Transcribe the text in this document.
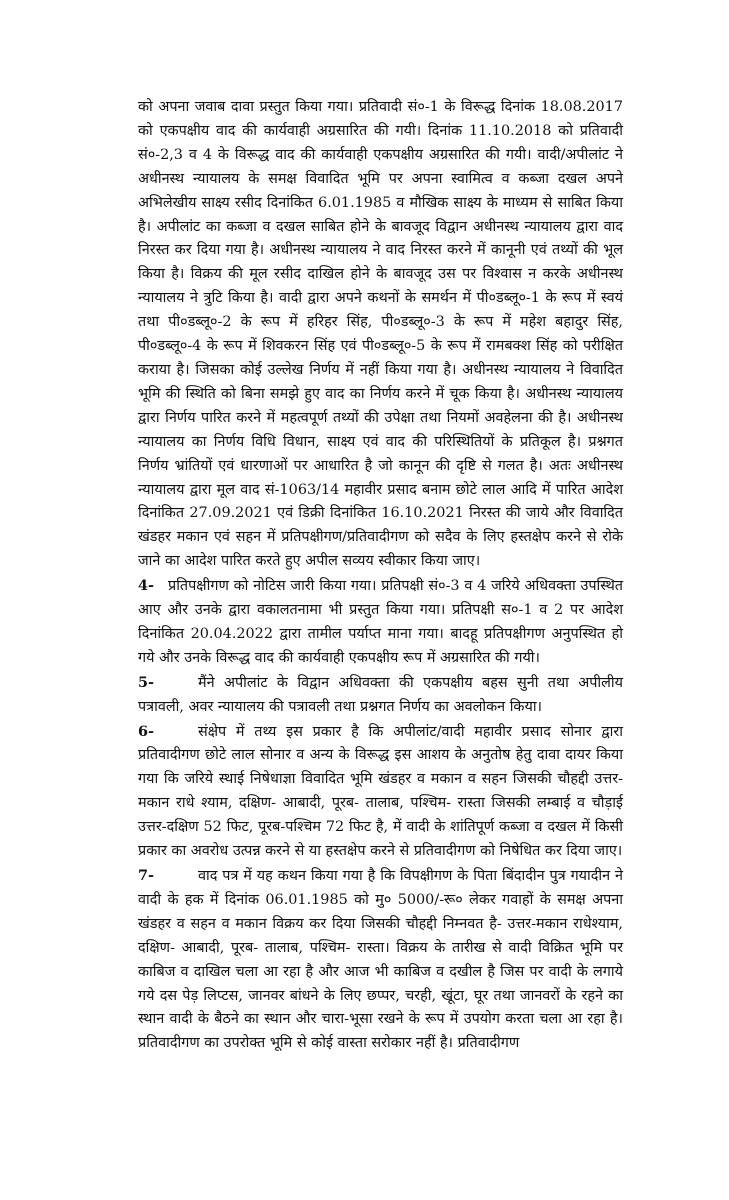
को अपना जवाब दावा प्रस्तुत किया गया। प्रतिवादी सं०-1 के विरूद्ध दिनांक 18.08.2017 को एकपक्षीय वाद की कार्यवाही अग्रसारित की गयी। दिनांक 11.10.2018 को प्रतिवादी सं०-2,3 व 4 के विरूद्ध वाद की कार्यवाही एकपक्षीय अग्रसारित की गयी। वादी/अपीलांट ने अधीनस्थ न्यायालय के समक्ष विवादित भूमि पर अपना स्वामित्व व कब्जा दखल अपने अभिलेखीय साक्ष्य रसीद दिनांकित 6.01.1985 व मौखिक साक्ष्य के माध्यम से साबित किया है। अपीलांट का कब्जा व दखल साबित होने के बावजूद विद्वान अधीनस्थ न्यायालय द्वारा वाद निरस्त कर दिया गया है। अधीनस्थ न्यायालय ने वाद निरस्त करने में कानूनी एवं तथ्यों की भूल किया है। विक्रय की मूल रसीद दाखिल होने के बावजूद उस पर विश्वास न करके अधीनस्थ न्यायालय ने त्रुटि किया है। वादी द्वारा अपने कथनों के समर्थन में पी०डब्लू०-1 के रूप में स्वयं तथा पी०डब्लू०-2 के रूप में हरिहर सिंह, पी०डब्लू०-3 के रूप में महेश बहादुर सिंह, पी०डब्लू०-4 के रूप में शिवकरन सिंह एवं पी०डब्लू०-5 के रूप में रामबक्श सिंह को परीक्षित कराया है। जिसका कोई उल्लेख निर्णय में नहीं किया गया है। अधीनस्थ न्यायालय ने विवादित भूमि की स्थिति को बिना समझे हुए वाद का निर्णय करने में चूक किया है। अधीनस्थ न्यायालय द्वारा निर्णय पारित करने में महत्वपूर्ण तथ्यों की उपेक्षा तथा नियमों अवहेलना की है। अधीनस्थ न्यायालय का निर्णय विधि विधान, साक्ष्य एवं वाद की परिस्थितियों के प्रतिकूल है। प्रश्नगत निर्णय भ्रांतियों एवं धारणाओं पर आधारित है जो कानून की दृष्टि से गलत है। अतः अधीनस्थ न्यायालय द्वारा मूल वाद सं-1063/14 महावीर प्रसाद बनाम छोटे लाल आदि में पारित आदेश दिनांकित 27.09.2021 एवं डिक्री दिनांकित 16.10.2021 निरस्त की जाये और विवादित खंडहर मकान एवं सहन में प्रतिपक्षीगण/प्रतिवादीगण को सदैव के लिए हस्तक्षेप करने से रोके जाने का आदेश पारित करते हुए अपील सव्यय स्वीकार किया जाए।

4- प्रतिपक्षीगण को नोटिस जारी किया गया। प्रतिपक्षी सं०-3 व 4 जरिये अधिवक्ता उपस्थित आए और उनके द्वारा वकालतनामा भी प्रस्तुत किया गया। प्रतिपक्षी स०-1 व 2 पर आदेश दिनांकित 20.04.2022 द्वारा तामील पर्याप्त माना गया। बादहू प्रतिपक्षीगण अनुपस्थित हो गये और उनके विरूद्ध वाद की कार्यवाही एकपक्षीय रूप में अग्रसारित की गयी।

5-	मैंने अपीलांट के विद्वान अधिवक्ता की एकपक्षीय बहस सुनी तथा अपीलीय पत्रावली, अवर न्यायालय की पत्रावली तथा प्रश्नगत निर्णय का अवलोकन किया।

6-	संक्षेप में तथ्य इस प्रकार है कि अपीलांट/वादी महावीर प्रसाद सोनार द्वारा प्रतिवादीगण छोटे लाल सोनार व अन्य के विरूद्ध इस आशय के अनुतोष हेतु दावा दायर किया गया कि जरिये स्थाई निषेधाज्ञा विवादित भूमि खंडहर व मकान व सहन जिसकी चौहद्दी उत्तर- मकान राधे श्याम, दक्षिण- आबादी, पूरब- तालाब, पश्चिम- रास्ता जिसकी लम्बाई व चौड़ाई उत्तर-दक्षिण 52 फिट, पूरब-पश्चिम 72 फिट है, में वादी के शांतिपूर्ण कब्जा व दखल में किसी प्रकार का अवरोध उत्पन्न करने से या हस्तक्षेप करने से प्रतिवादीगण को निषेधित कर दिया जाए।

7-	वाद पत्र में यह कथन किया गया है कि विपक्षीगण के पिता बिंदादीन पुत्र गयादीन ने वादी के हक में दिनांक 06.01.1985 को मु० 5000/-रू० लेकर गवाहों के समक्ष अपना खंडहर व सहन व मकान विक्रय कर दिया जिसकी चौहद्दी निम्नवत है- उत्तर-मकान राधेश्याम, दक्षिण- आबादी, पूरब- तालाब, पश्चिम- रास्ता। विक्रय के तारीख से वादी विक्रित भूमि पर काबिज व दाखिल चला आ रहा है और आज भी काबिज व दखील है जिस पर वादी के लगाये गये दस पेड़ लिप्टस, जानवर बांधने के लिए छप्पर, चरही, खूंटा, घूर तथा जानवरों के रहने का स्थान वादी के बैठने का स्थान और चारा-भूसा रखने के रूप में उपयोग करता चला आ रहा है। प्रतिवादीगण का उपरोक्त भूमि से कोई वास्ता सरोकार नहीं है। प्रतिवादीगण
